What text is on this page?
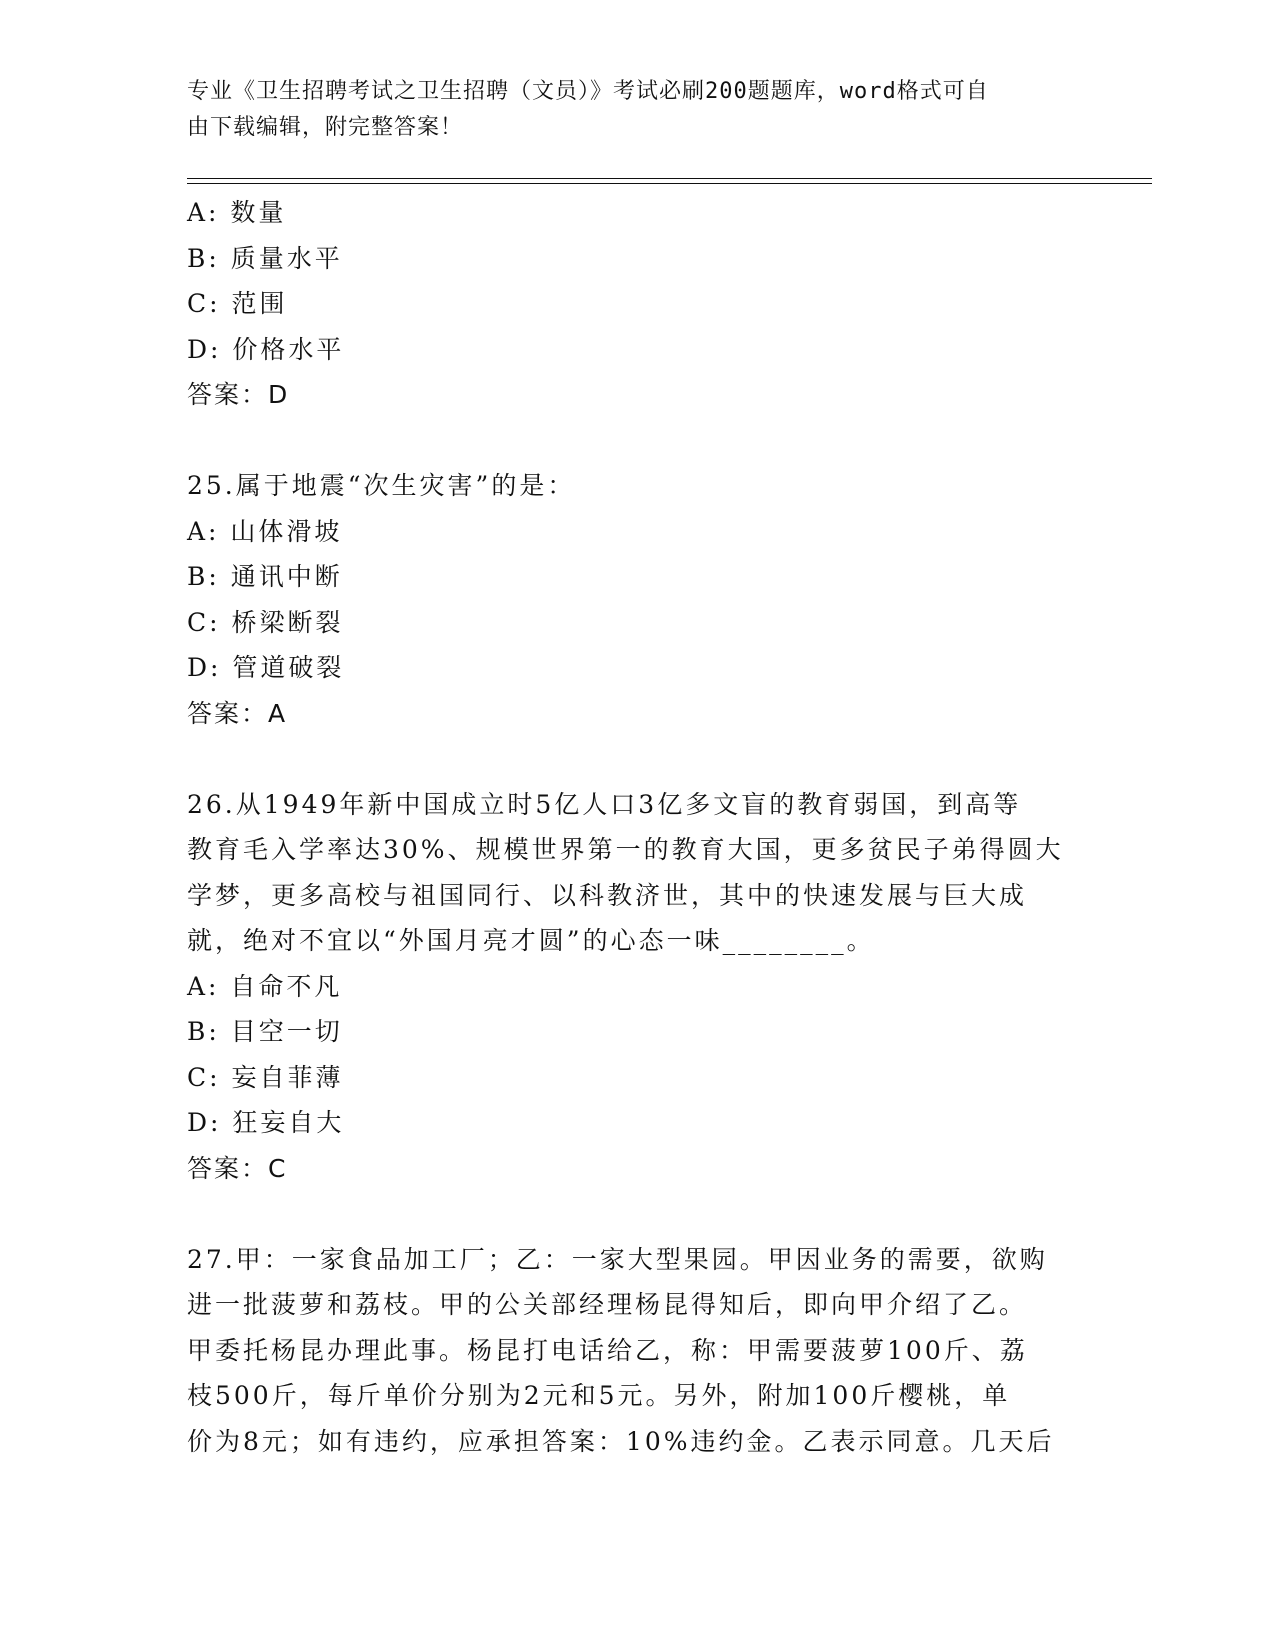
专业《卫生招聘考试之卫生招聘（文员）》考试必刷200题题库，word格式可自
由下载编辑，附完整答案！
A: 数量
B: 质量水平
C: 范围
D: 价格水平
答案：D
25.属于地震“次生灾害”的是：
A: 山体滑坡
B: 通讯中断
C: 桥梁断裂
D: 管道破裂
答案：A
26.从1949年新中国成立时5亿人口3亿多文盲的教育弱国，到高等
教育毛入学率达30%、规模世界第一的教育大国，更多贫民子弟得圆大
学梦，更多高校与祖国同行、以科教济世，其中的快速发展与巨大成
就，绝对不宜以“外国月亮才圆”的心态一味________。
A: 自命不凡
B: 目空一切
C: 妄自菲薄
D: 狂妄自大
答案：C
27.甲：一家食品加工厂；乙：一家大型果园。甲因业务的需要，欲购
进一批菠萝和荔枝。甲的公关部经理杨昆得知后，即向甲介绍了乙。
甲委托杨昆办理此事。杨昆打电话给乙，称：甲需要菠萝100斤、荔
枝500斤，每斤单价分别为2元和5元。另外，附加100斤樱桃，单
价为8元；如有违约，应承担答案：10%违约金。乙表示同意。几天后
